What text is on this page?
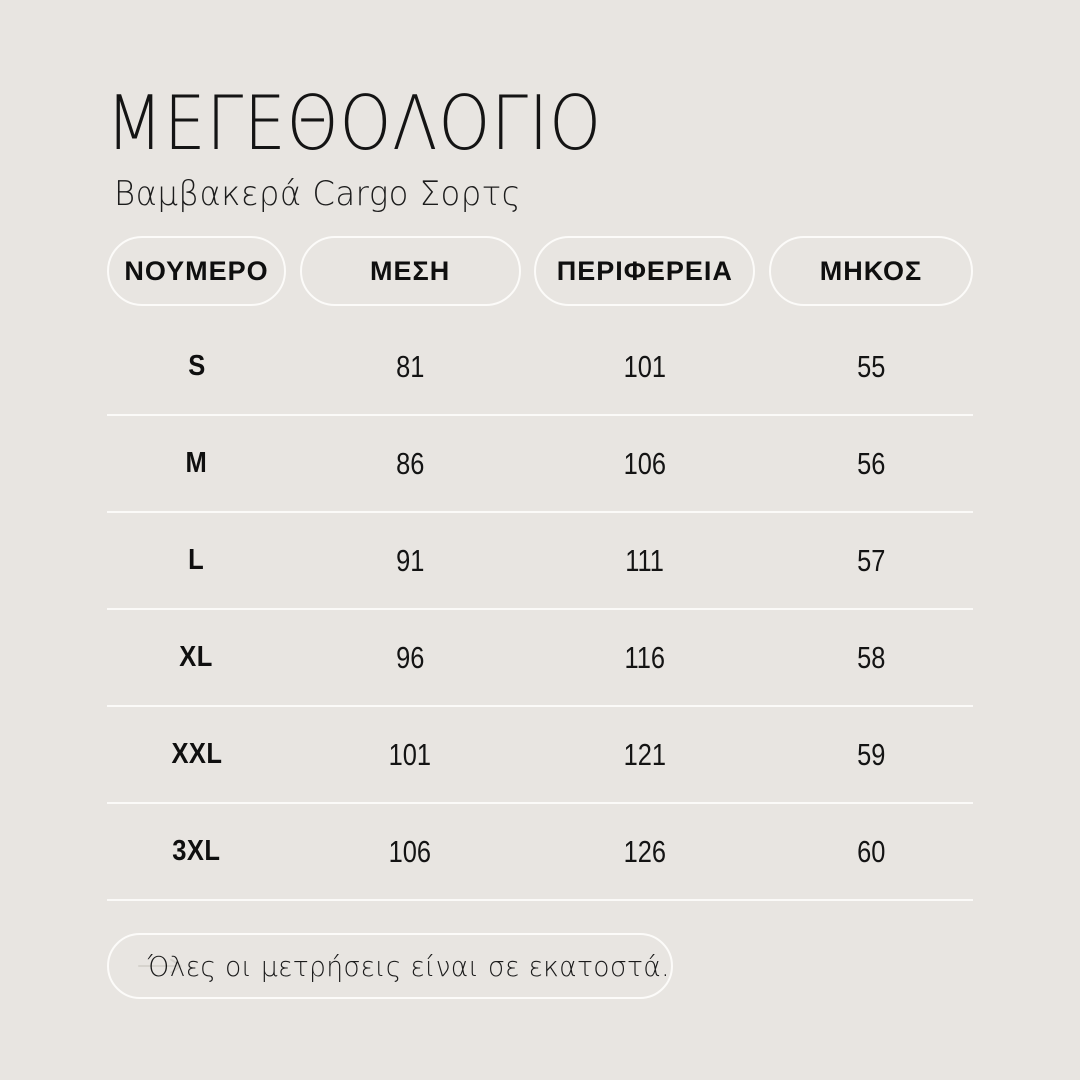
ΜΕΓΕΘΟΛΟΓΙΟ
Βαμβακερά Cargo Σορτς
ΝΟΥΜΕΡΟ	ΜΕΣΗ	ΠΕΡΙΦΕΡΕΙΑ	ΜΗΚΟΣ
S	81	101	55
M	86	106	56
L	91	111	57
XL	96	116	58
XXL	101	121	59
3XL	106	126	60
Όλες οι μετρήσεις είναι σε εκατοστά.
